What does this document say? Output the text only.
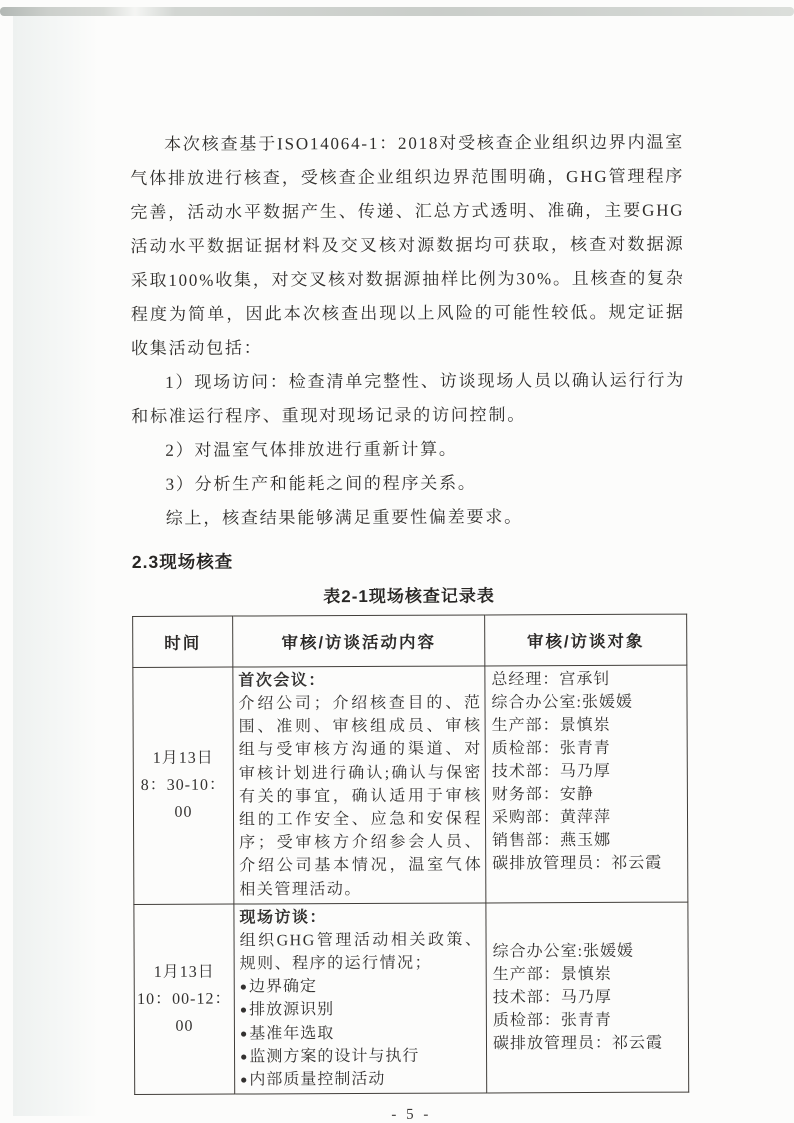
本次核查基于ISO14064-1：2018对受核查企业组织边界内温室气体排放进行核查，受核查企业组织边界范围明确，GHG管理程序完善，活动水平数据产生、传递、汇总方式透明、准确，主要GHG活动水平数据证据材料及交叉核对源数据均可获取，核查对数据源采取100%收集，对交叉核对数据源抽样比例为30%。且核查的复杂程度为简单，因此本次核查出现以上风险的可能性较低。规定证据收集活动包括：

1）现场访问：检查清单完整性、访谈现场人员以确认运行行为和标准运行程序、重现对现场记录的访问控制。

2）对温室气体排放进行重新计算。

3）分析生产和能耗之间的程序关系。

综上，核查结果能够满足重要性偏差要求。

2.3现场核查
表2-1现场核查记录表
时间	审核/访谈活动内容	审核/访谈对象

1月13日
8：30-10：00

首次会议：
介绍公司；介绍核查目的、范围、准则、审核组成员、审核组与受审核方沟通的渠道、对审核计划进行确认;确认与保密有关的事宜，确认适用于审核组的工作安全、应急和安保程序；受审核方介绍参会人员、介绍公司基本情况，温室气体相关管理活动。

总经理：宫承钊
综合办公室:张媛媛
生产部：景慎岽
质检部：张青青
技术部：马乃厚
财务部：安静
采购部：黄萍萍
销售部：燕玉娜
碳排放管理员：祁云霞

1月13日
10：00-12：00

现场访谈：
组织GHG管理活动相关政策、规则、程序的运行情况；
● 边界确定
● 排放源识别
● 基准年选取
● 监测方案的设计与执行
● 内部质量控制活动

综合办公室:张媛媛
生产部：景慎岽
技术部：马乃厚
质检部：张青青
碳排放管理员：祁云霞
- 5 -
